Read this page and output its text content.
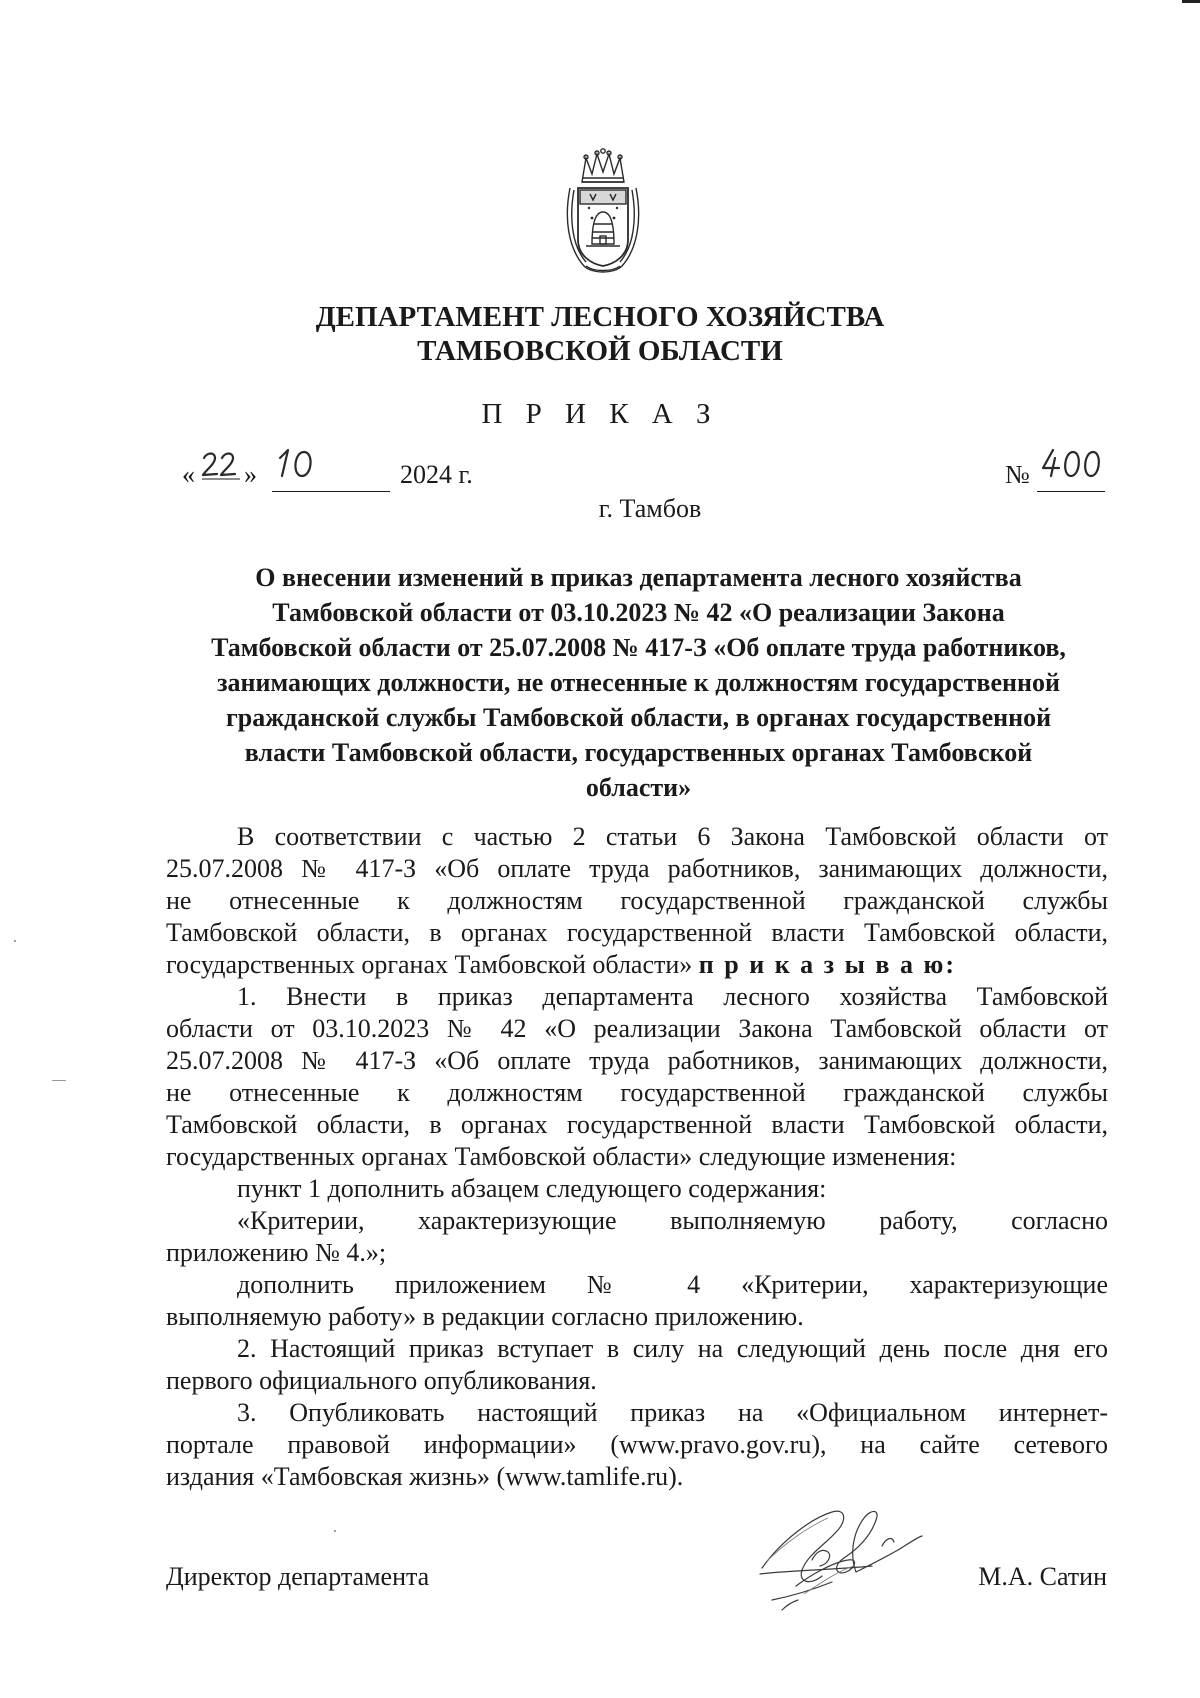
ДЕПАРТАМЕНТ ЛЕСНОГО ХОЗЯЙСТВА
ТАМБОВСКОЙ ОБЛАСТИ
П Р И К А З
« »	2024 г.	№
г. Тамбов
О внесении изменений в приказ департамента лесного хозяйства
Тамбовской области от 03.10.2023 № 42 «О реализации Закона
Тамбовской области от 25.07.2008 № 417-З «Об оплате труда работников,
занимающих должности, не отнесенные к должностям государственной
гражданской службы Тамбовской области, в органах государственной
власти Тамбовской области, государственных органах Тамбовской
области»
В соответствии с частью 2 статьи 6 Закона Тамбовской области от
25.07.2008 № 417-З «Об оплате труда работников, занимающих должности,
не отнесенные к должностям государственной гражданской службы
Тамбовской области, в органах государственной власти Тамбовской области,
государственных органах Тамбовской области» п р и к а з ы в а ю:
1. Внести в приказ департамента лесного хозяйства Тамбовской
области от 03.10.2023 № 42 «О реализации Закона Тамбовской области от
25.07.2008 № 417-З «Об оплате труда работников, занимающих должности,
не отнесенные к должностям государственной гражданской службы
Тамбовской области, в органах государственной власти Тамбовской области,
государственных органах Тамбовской области» следующие изменения:
пункт 1 дополнить абзацем следующего содержания:
«Критерии, характеризующие выполняемую работу, согласно
приложению № 4.»;
дополнить приложением № 4 «Критерии, характеризующие
выполняемую работу» в редакции согласно приложению.
2. Настоящий приказ вступает в силу на следующий день после дня его
первого официального опубликования.
3. Опубликовать настоящий приказ на «Официальном интернет-
портале правовой информации» (www.pravo.gov.ru), на сайте сетевого
издания «Тамбовская жизнь» (www.tamlife.ru).
Директор департамента	М.А. Сатин
